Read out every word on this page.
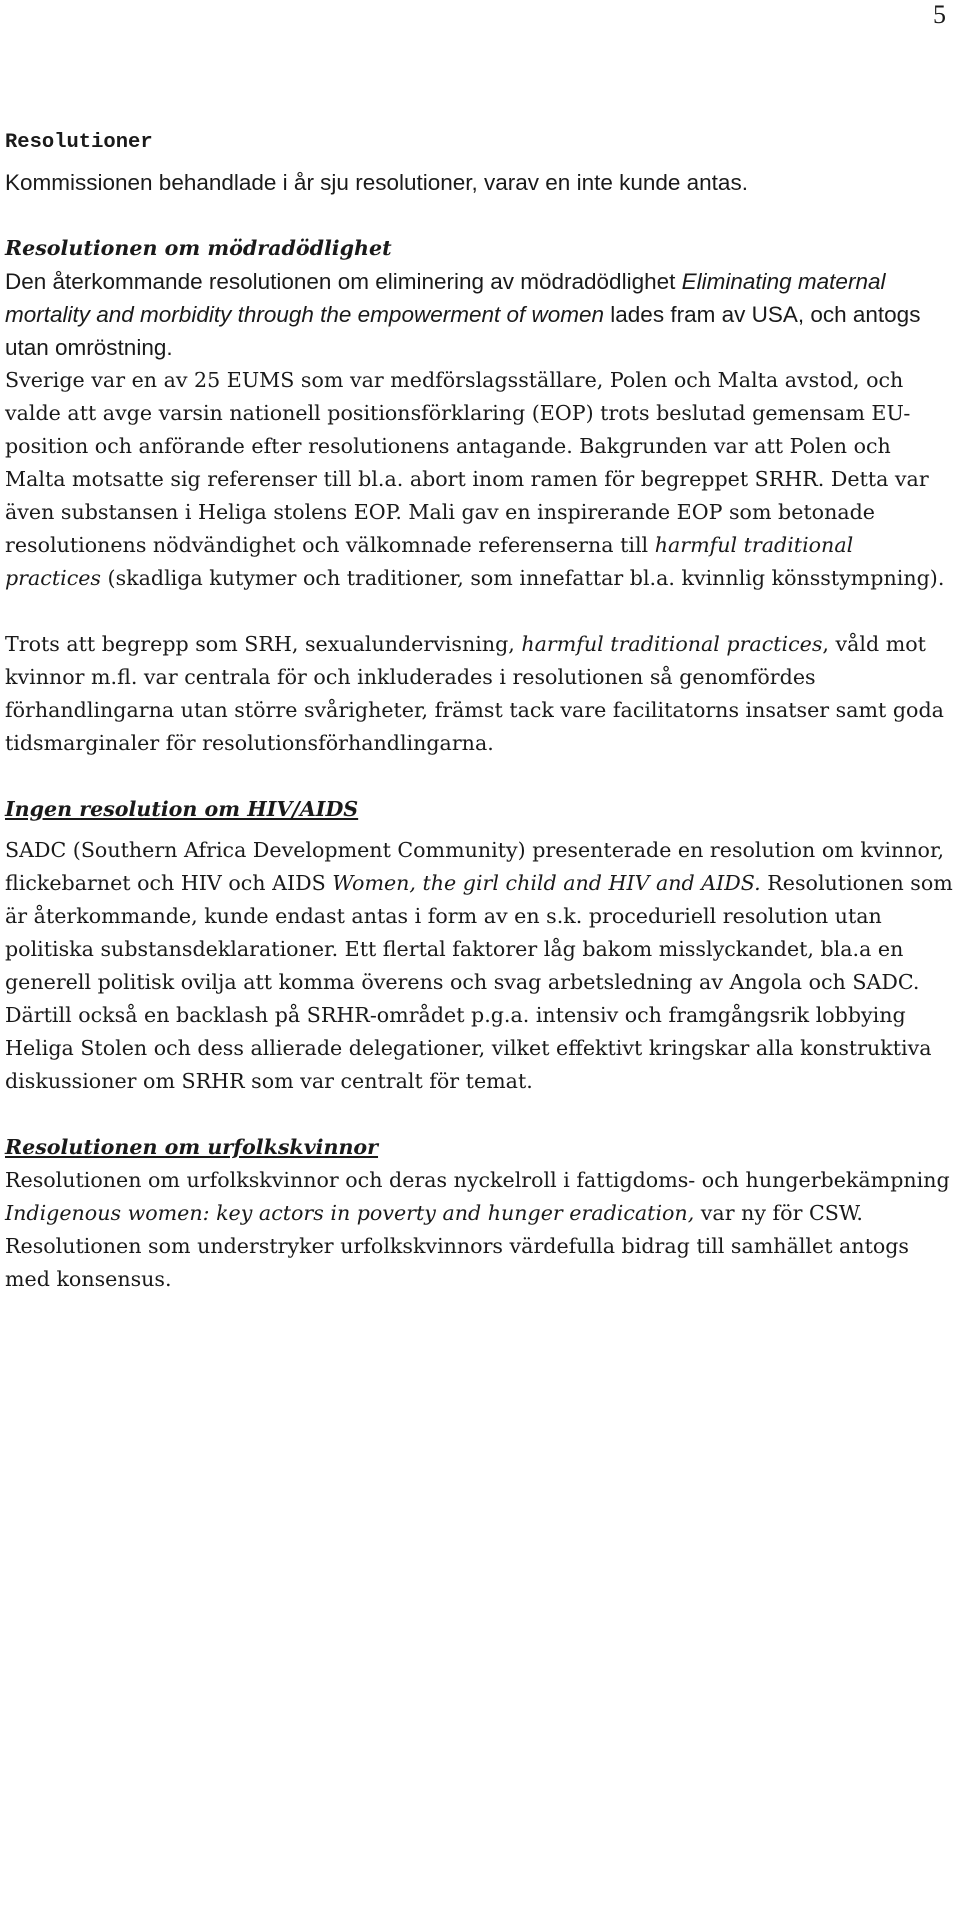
5
Resolutioner

Kommissionen behandlade i år sju resolutioner, varav en inte kunde antas.

Resolutionen om mödradödlighet

Den återkommande resolutionen om eliminering av mödradödlighet Eliminating maternal mortality and morbidity through the empowerment of women lades fram av USA, och antogs utan omröstning.

Sverige var en av 25 EUMS som var medförslagsställare, Polen och Malta avstod, och valde att avge varsin nationell positionsförklaring (EOP) trots beslutad gemensam EU-position och anförande efter resolutionens antagande. Bakgrunden var att Polen och Malta motsatte sig referenser till bl.a. abort inom ramen för begreppet SRHR. Detta var även substansen i Heliga stolens EOP. Mali gav en inspirerande EOP som betonade resolutionens nödvändighet och välkomnade referenserna till harmful traditional practices (skadliga kutymer och traditioner, som innefattar bl.a. kvinnlig könsstympning).

Trots att begrepp som SRH, sexualundervisning, harmful traditional practices, våld mot kvinnor m.fl. var centrala för och inkluderades i resolutionen så genomfördes förhandlingarna utan större svårigheter, främst tack vare facilitatorns insatser samt goda tidsmarginaler för resolutionsförhandlingarna.

Ingen resolution om HIV/AIDS

SADC (Southern Africa Development Community) presenterade en resolution om kvinnor, flickebarnet och HIV och AIDS Women, the girl child and HIV and AIDS. Resolutionen som är återkommande, kunde endast antas i form av en s.k. proceduriell resolution utan politiska substansdeklarationer. Ett flertal faktorer låg bakom misslyckandet, bla.a en generell politisk ovilja att komma överens och svag arbetsledning av Angola och SADC. Därtill också en backlash på SRHR-området p.g.a. intensiv och framgångsrik lobbying Heliga Stolen och dess allierade delegationer, vilket effektivt kringskar alla konstruktiva diskussioner om SRHR som var centralt för temat.

Resolutionen om urfolkskvinnor

Resolutionen om urfolkskvinnor och deras nyckelroll i fattigdoms- och hungerbekämpning Indigenous women: key actors in poverty and hunger eradication, var ny för CSW. Resolutionen som understryker urfolkskvinnors värdefulla bidrag till samhället antogs med konsensus.
